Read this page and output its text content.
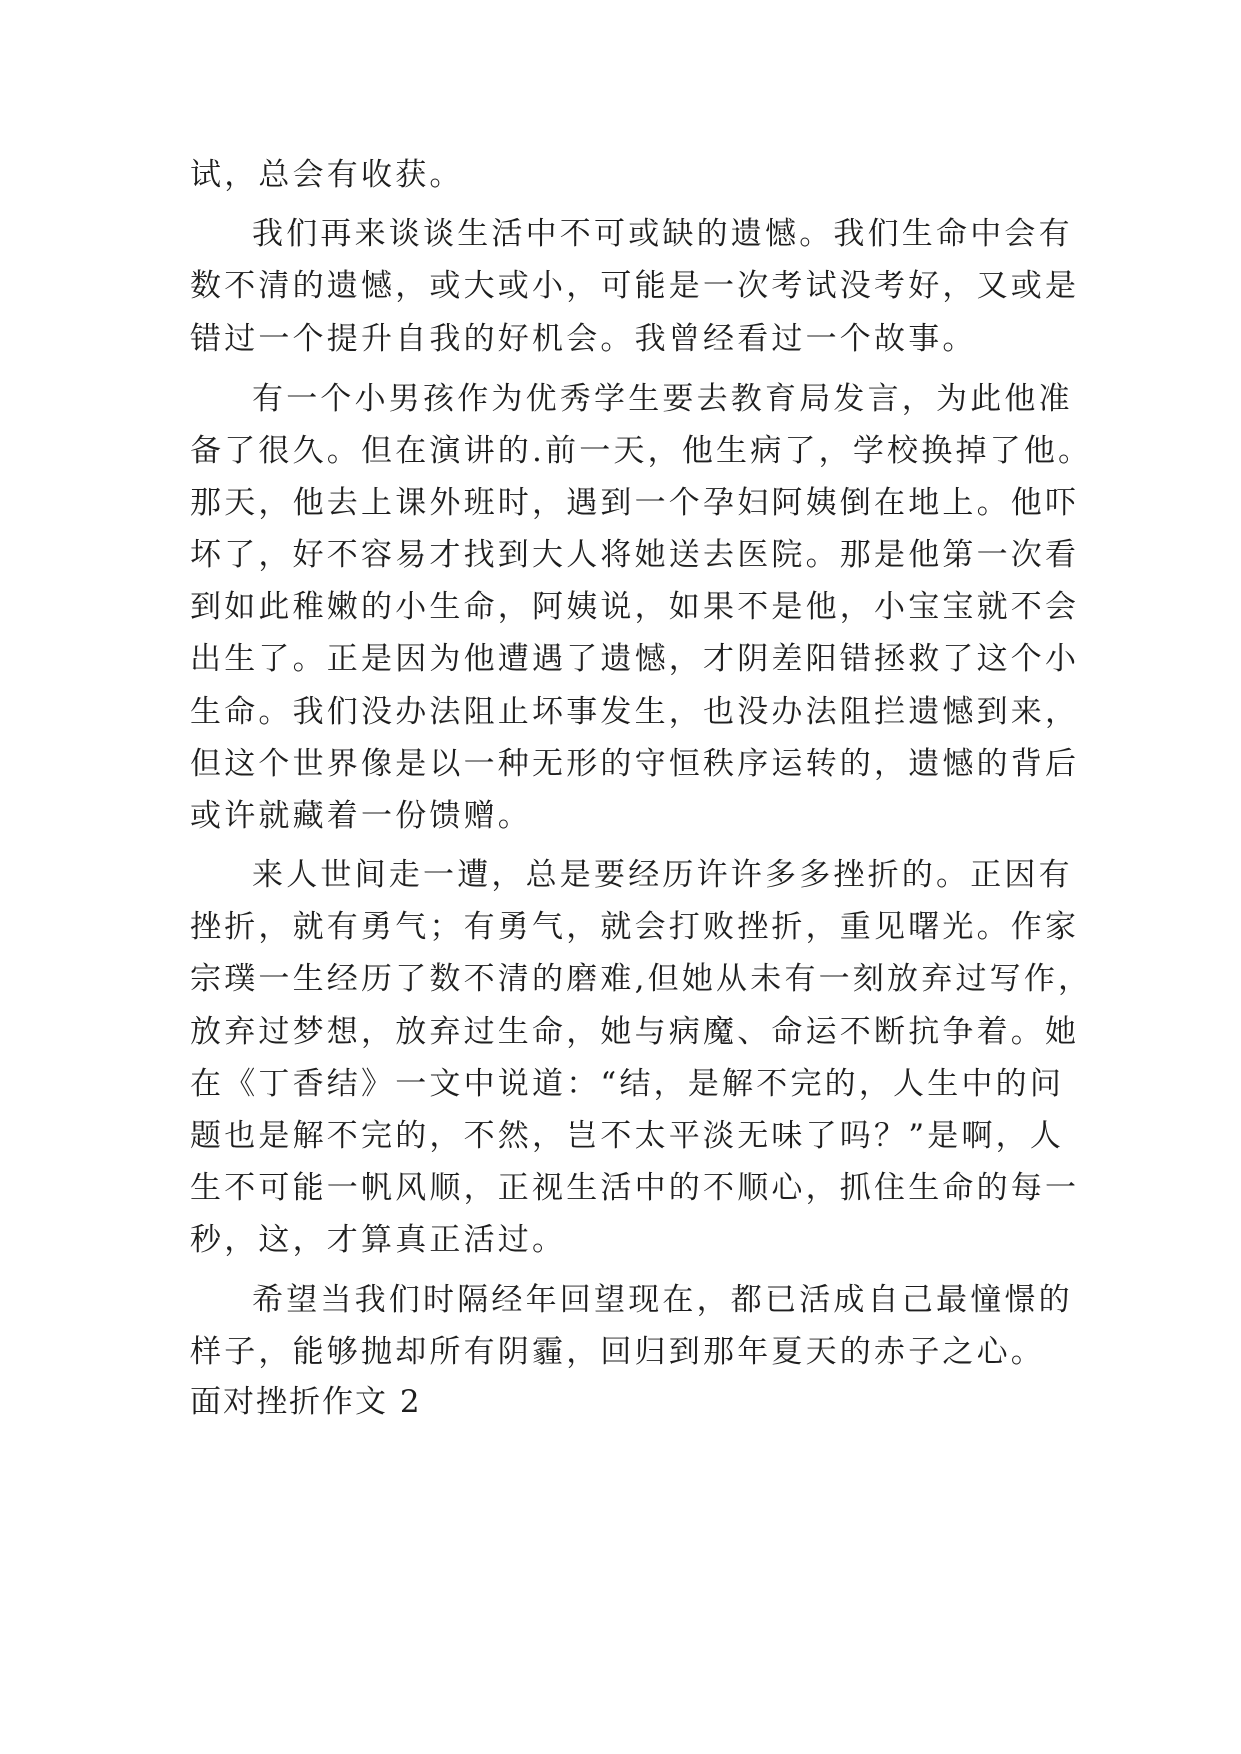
试，总会有收获。
我们再来谈谈生活中不可或缺的遗憾。我们生命中会有
数不清的遗憾，或大或小，可能是一次考试没考好，又或是
错过一个提升自我的好机会。我曾经看过一个故事。
有一个小男孩作为优秀学生要去教育局发言，为此他准
备了很久。但在演讲的.前一天，他生病了，学校换掉了他。
那天，他去上课外班时，遇到一个孕妇阿姨倒在地上。他吓
坏了，好不容易才找到大人将她送去医院。那是他第一次看
到如此稚嫩的小生命，阿姨说，如果不是他，小宝宝就不会
出生了。正是因为他遭遇了遗憾，才阴差阳错拯救了这个小
生命。我们没办法阻止坏事发生，也没办法阻拦遗憾到来，
但这个世界像是以一种无形的守恒秩序运转的，遗憾的背后
或许就藏着一份馈赠。
来人世间走一遭，总是要经历许许多多挫折的。正因有
挫折，就有勇气；有勇气，就会打败挫折，重见曙光。作家
宗璞一生经历了数不清的磨难,但她从未有一刻放弃过写作，
放弃过梦想，放弃过生命，她与病魔、命运不断抗争着。她
在《丁香结》一文中说道：“结，是解不完的，人生中的问
题也是解不完的，不然，岂不太平淡无味了吗？”是啊，人
生不可能一帆风顺，正视生活中的不顺心，抓住生命的每一
秒，这，才算真正活过。
希望当我们时隔经年回望现在，都已活成自己最憧憬的
样子，能够抛却所有阴霾，回归到那年夏天的赤子之心。
面对挫折作文 2
